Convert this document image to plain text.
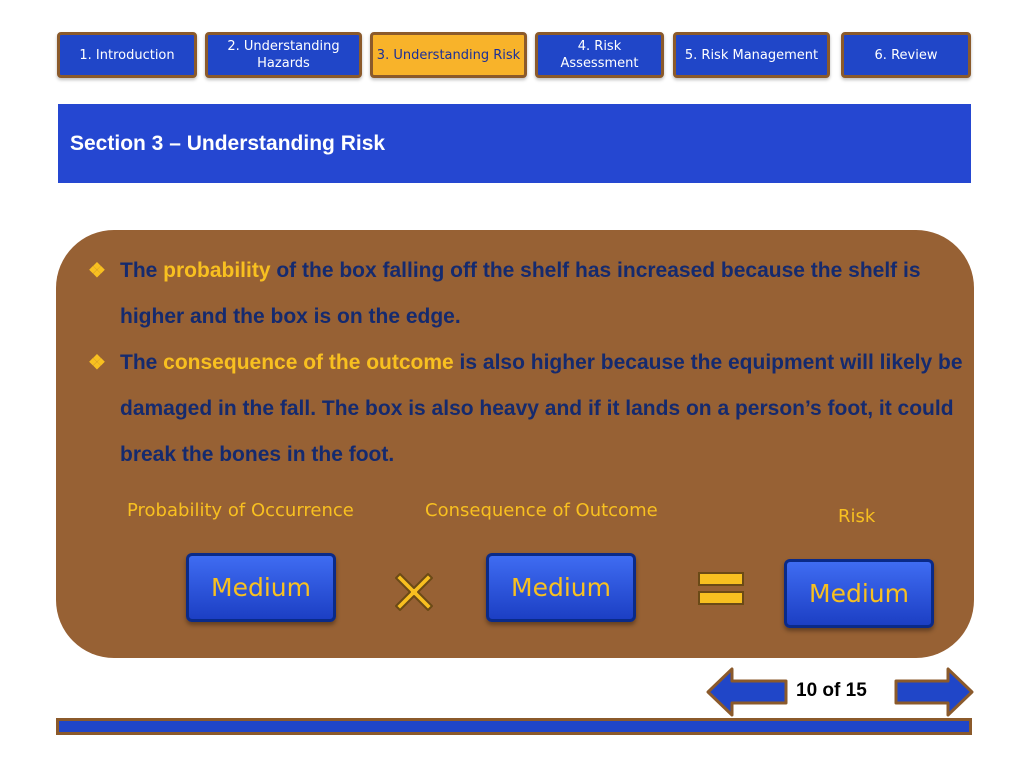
1. Introduction
2. Understanding Hazards
3. Understanding Risk
4. Risk Assessment
5. Risk Management	6. Review
Section 3 – Understanding Risk
❖ The probability of the box falling off the shelf has increased because the shelf is higher and the box is on the edge.
❖ The consequence of the outcome is also higher because the equipment will likely be damaged in the fall. The box is also heavy and if it lands on a person’s foot, it could break the bones in the foot.
Probability of Occurrence	Consequence of Outcome	Risk
Medium	Medium	Medium
10 of 15
